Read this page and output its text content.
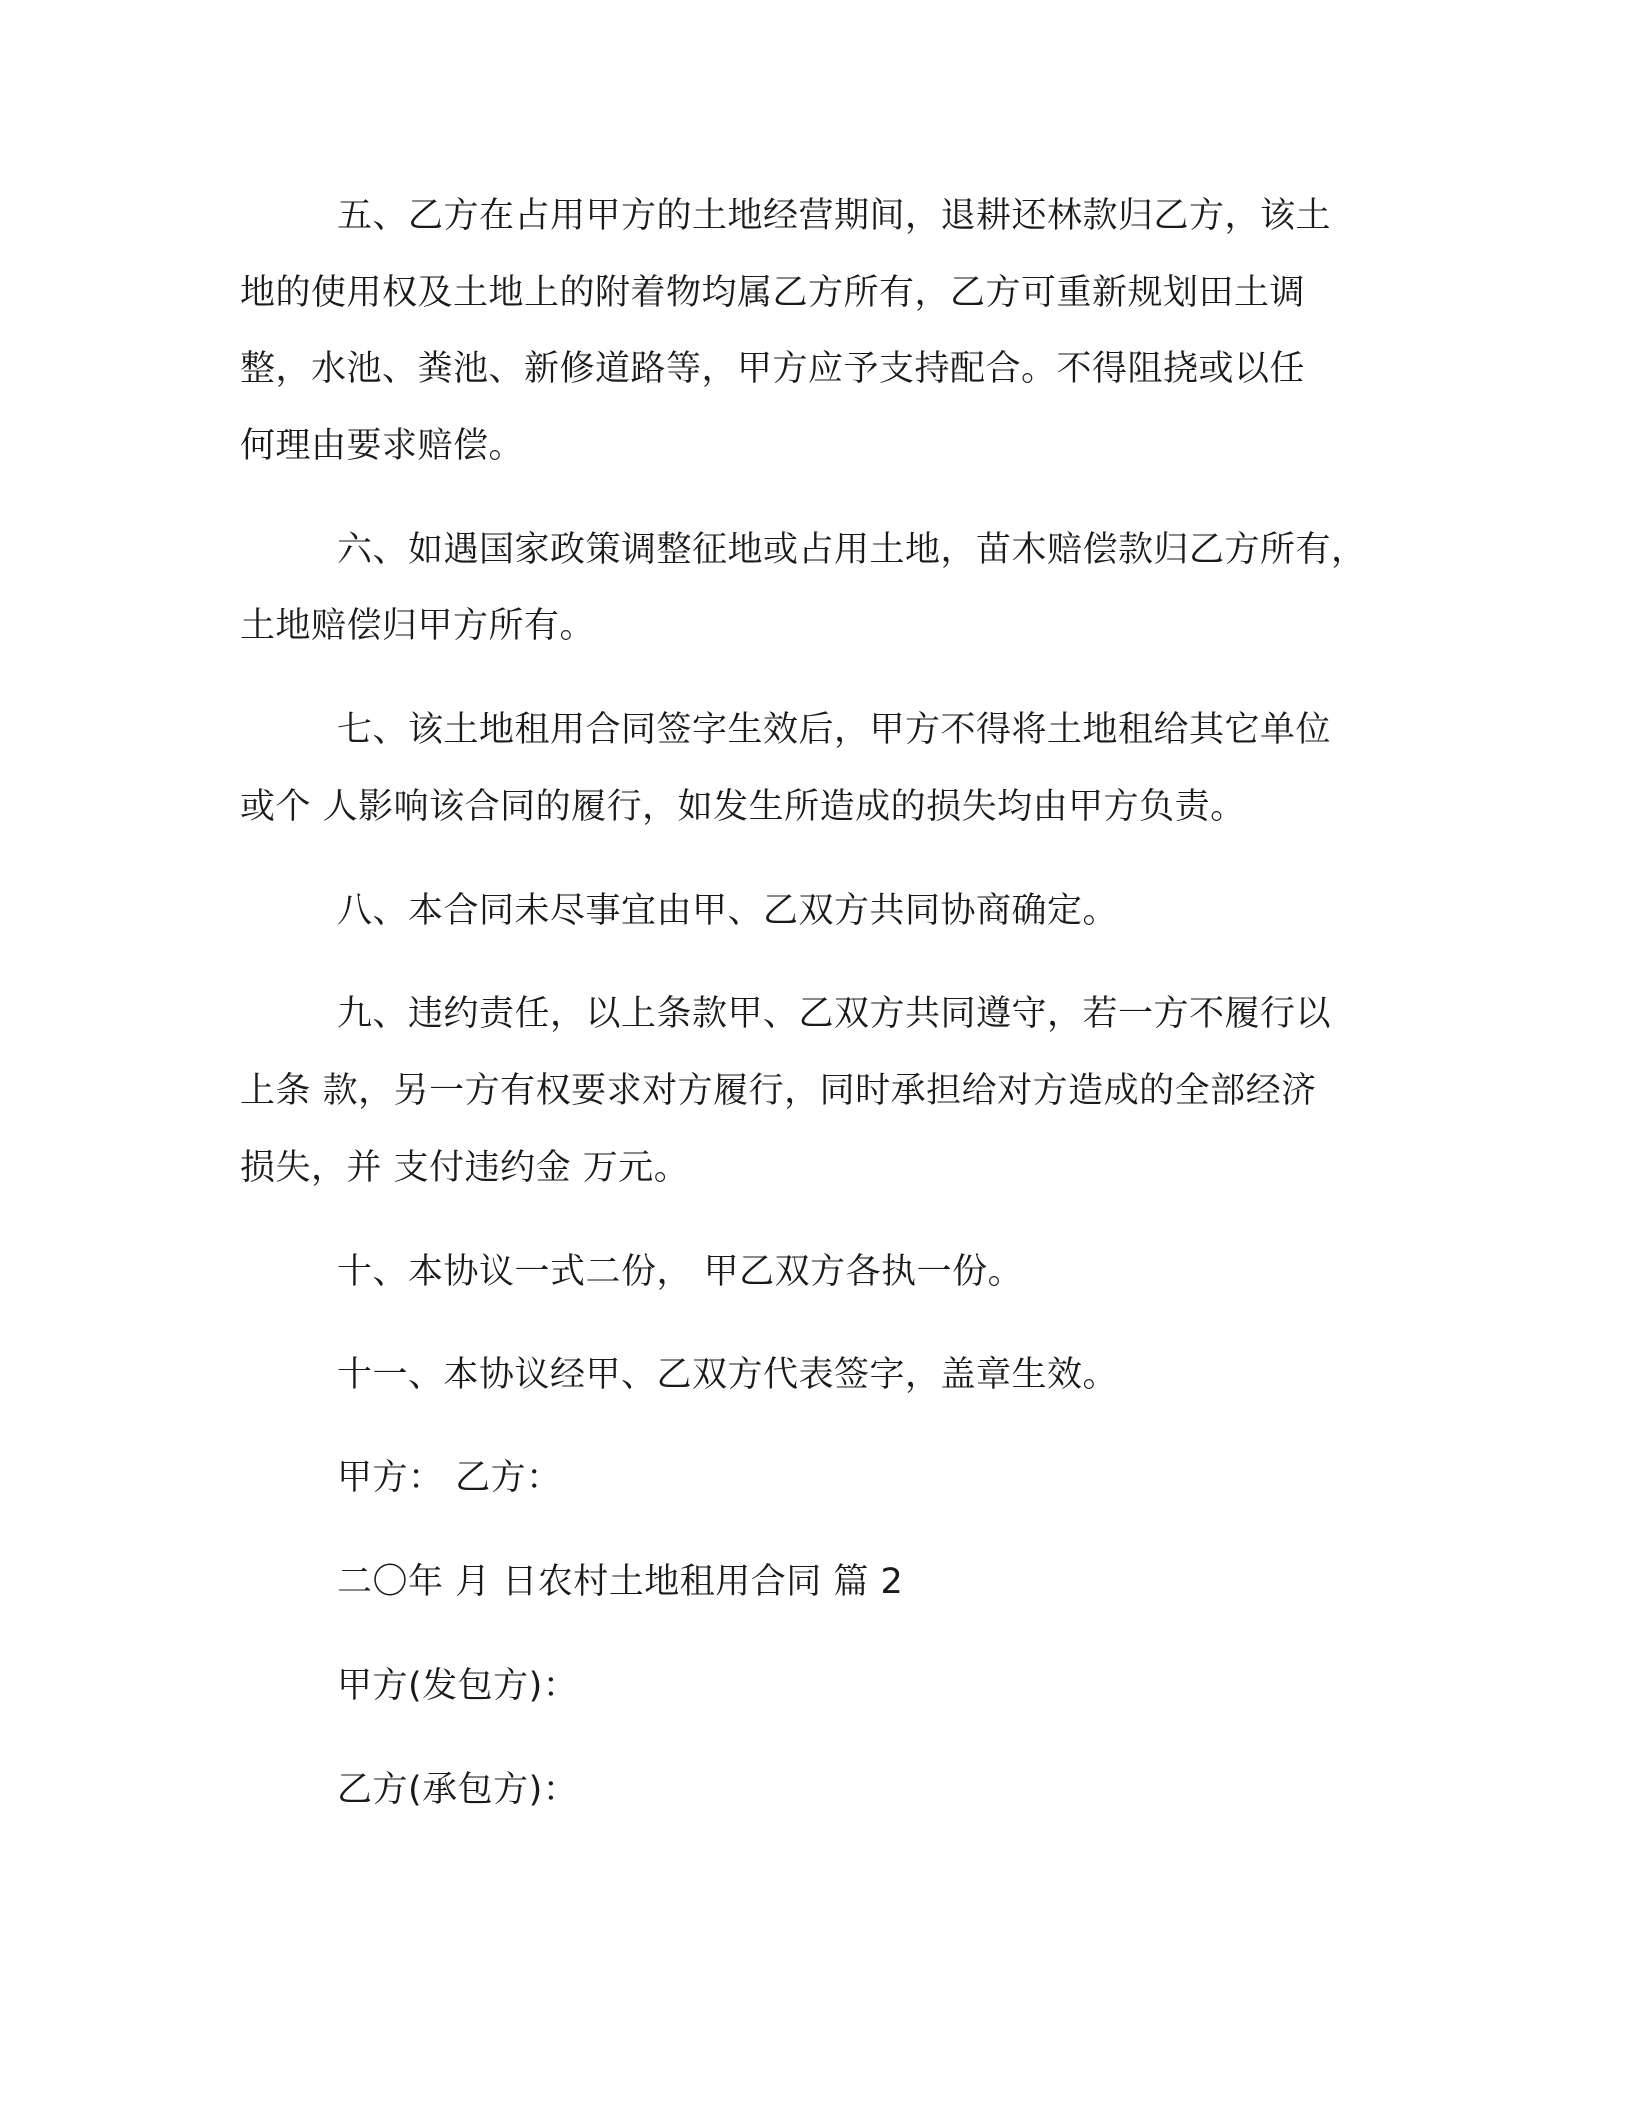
五、乙方在占用甲方的土地经营期间，退耕还林款归乙方，该土
地的使用权及土地上的附着物均属乙方所有，乙方可重新规划田土调
整，水池、粪池、新修道路等，甲方应予支持配合。不得阻挠或以任
何理由要求赔偿。
六、如遇国家政策调整征地或占用土地，苗木赔偿款归乙方所有，
土地赔偿归甲方所有。
七、该土地租用合同签字生效后，甲方不得将土地租给其它单位
或个 人影响该合同的履行，如发生所造成的损失均由甲方负责。
八、本合同未尽事宜由甲、乙双方共同协商确定。
九、违约责任，以上条款甲、乙双方共同遵守，若一方不履行以
上条 款，另一方有权要求对方履行，同时承担给对方造成的全部经济
损失，并 支付违约金 万元。
十、本协议一式二份， 甲乙双方各执一份。
十一、本协议经甲、乙双方代表签字，盖章生效。
甲方： 乙方：
二〇年 月 日农村土地租用合同 篇 2
甲方(发包方)：
乙方(承包方)：
